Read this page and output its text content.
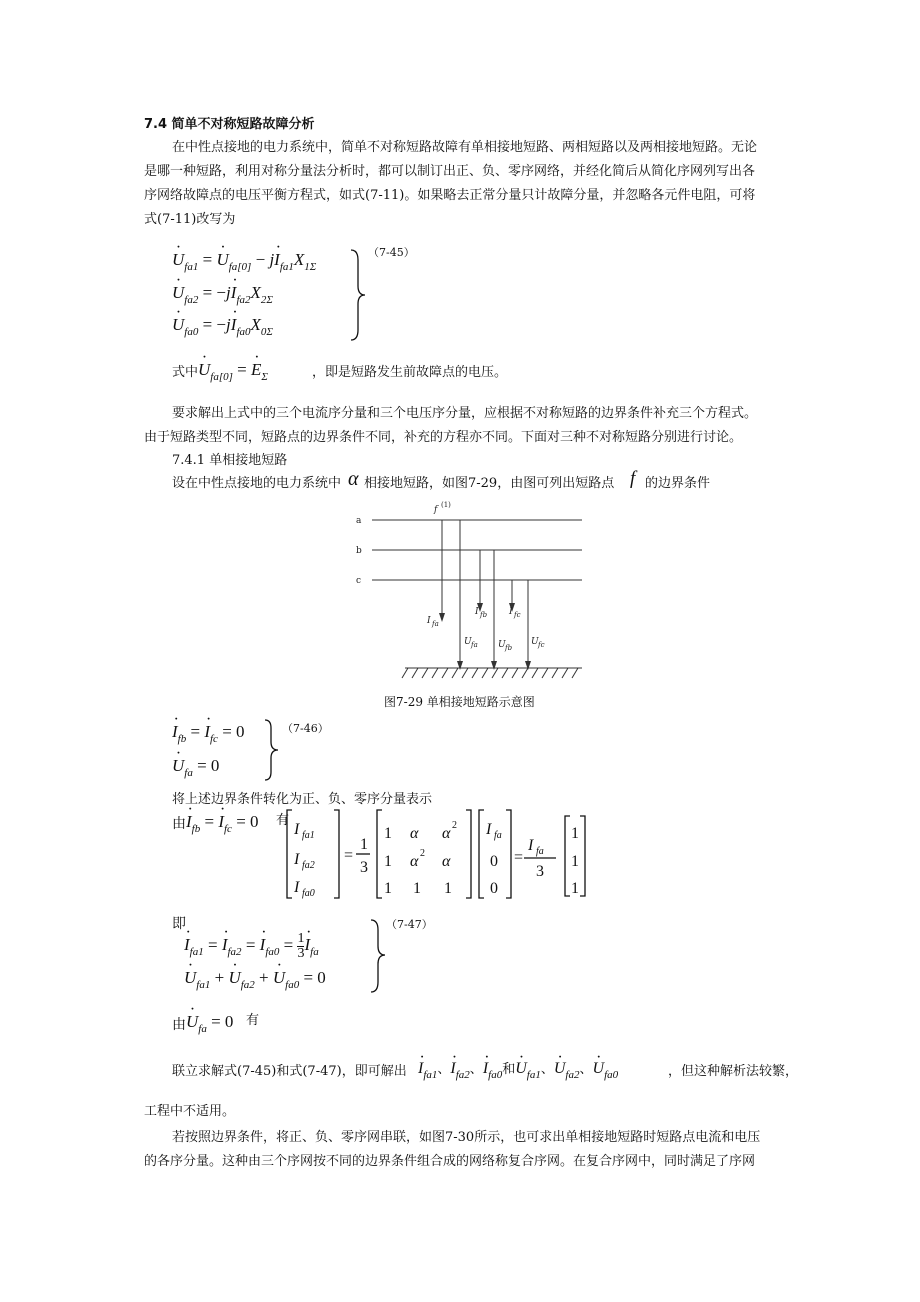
7.4 简单不对称短路故障分析
在中性点接地的电力系统中，简单不对称短路故障有单相接地短路、两相短路以及两相接地短路。无论
是哪一种短路，利用对称分量法分析时，都可以制订出正、负、零序网络，并经化简后从简化序网列写出各
序网络故障点的电压平衡方程式，如式(7-11)。如果略去正常分量只计故障分量，并忽略各元件电阻，可将
式(7-11)改写为
· $U_{fa1}$ = · $U_{fa[0]} - j\cdot I_{fa1}X_{1\Sigma}$
· $U_{fa2} = -j\cdot I_{fa2}X_{2\Sigma}$
· $U_{fa0} = -j\cdot I_{fa0}X_{0\Sigma}$
（7-45）
式中
· $U_{fa[0]}$ = · $E_\Sigma$	，即是短路发生前故障点的电压。
要求解出上式中的三个电流序分量和三个电压序分量，应根据不对称短路的边界条件补充三个方程式。
由于短路类型不同，短路点的边界条件不同，补充的方程亦不同。下面对三种不对称短路分别进行讨论。
7.4.1 单相接地短路
设在中性点接地的电力系统中 α 相接地短路，如图7-29，由图可列出短路点 f 的边界条件
a
b
c
f (1)
I fa
I fb I fc
U fa U fb
U fc
图7-29 单相接地短路示意图
· $I_{fb}$ = · $I_{fc} = 0$
· $U_{fa} = 0$
（7-46）
将上述边界条件转化为正、负、零序分量表示
由
· $I_{fb}$ = · $I_{fc} = 0$ 有
I fa1
I fa2
I fa0
=
1
3
1 α α 2
1 α 2 α
1 1 1
I fa
0
0
=
I fa
3
1
1
1
即
· $I_{fa1}$ = · $I_{fa2}$ = · $I_{fa0} = \frac{1}{3}$
· $I_{fa}$
· $U_{fa1}$ + · $U_{fa2}$ + · $U_{fa0} = 0$
（7-47）
由
· $U_{fa} = 0$ 有
联立求解式(7-45)和式(7-47)，即可解出
· $I_{fa1}$、· $I_{fa2}$、· $I_{fa0}$和· $U_{fa1}$、· $U_{fa2}$、· $U_{fa0}$	，但这种解析法较繁，
工程中不适用。
若按照边界条件，将正、负、零序网串联，如图7-30所示，也可求出单相接地短路时短路点电流和电压
的各序分量。这种由三个序网按不同的边界条件组合成的网络称复合序网。在复合序网中，同时满足了序网
